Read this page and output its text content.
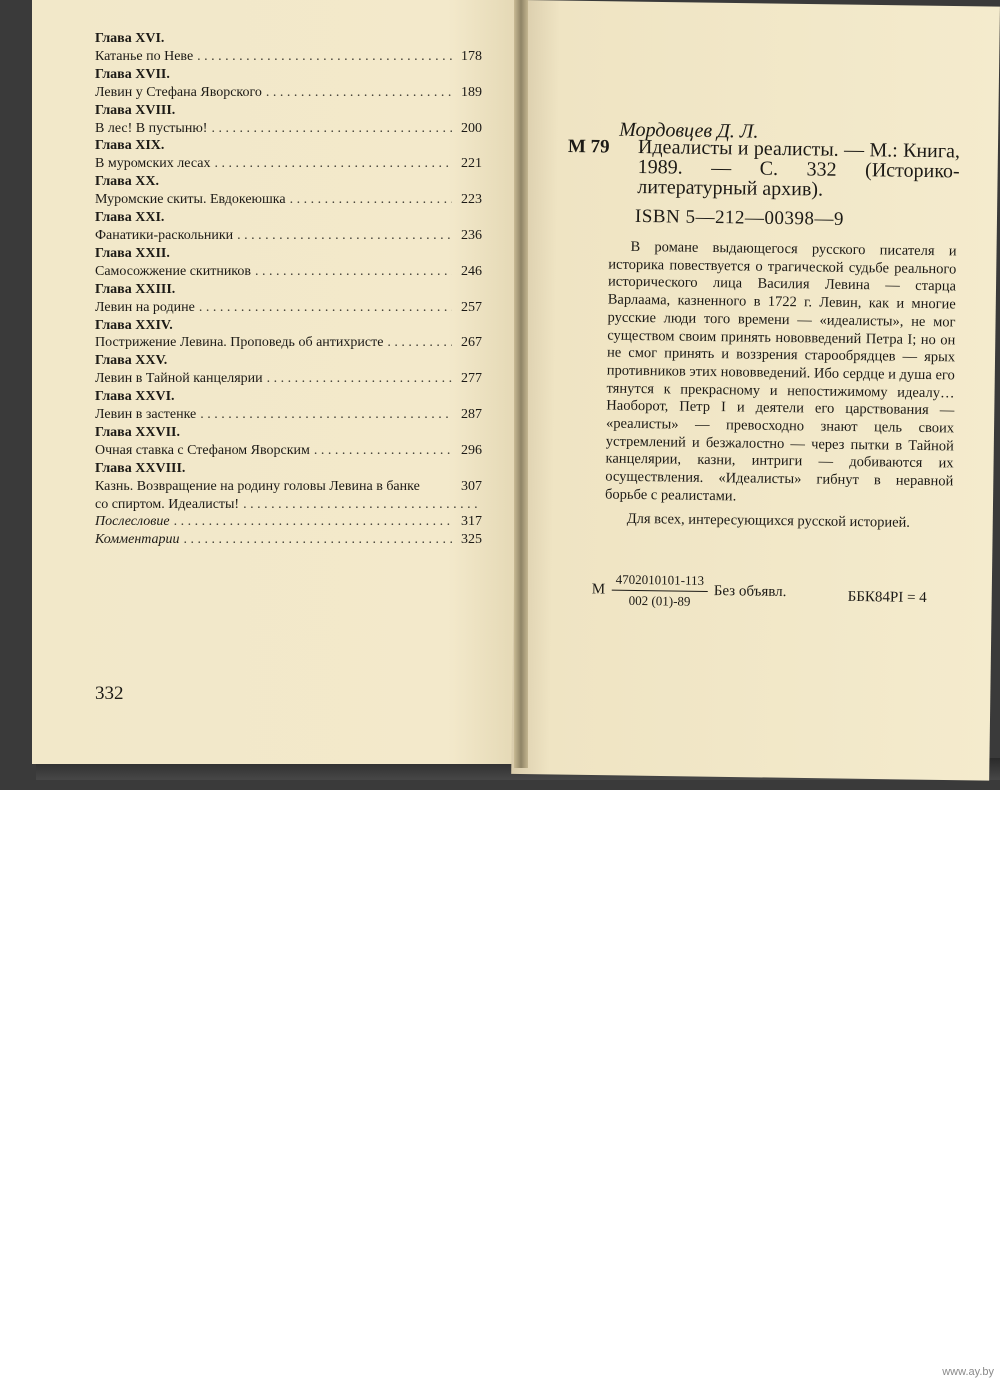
Глава XVI.
Катанье по Неве . . .	178
Глава XVII.
Левин у Стефана Яворского . . .	189
Глава XVIII.
В лес! В пустыню! . . .	200
Глава XIX.
В муромских лесах . . .	221
Глава XX.
Муромские скиты. Евдокеюшка . . .	223
Глава XXI.
Фанатики-раскольники . . .	236
Глава XXII.
Самосожжение скитников . . .	246
Глава XXIII.
Левин на родине . . .	257
Глава XXIV.
Пострижение Левина. Проповедь об антихристе . . .	267
Глава XXV.
Левин в Тайной канцелярии . . .	277
Глава XXVI.
Левин в застенке . . .	287
Глава XXVII.
Очная ставка с Стефаном Яворским . . .	296
Глава XXVIII.
Казнь. Возвращение на родину головы Левина в банке	307
со спиртом. Идеалисты!
. . .
Послесловие . . .	317
Комментарии . . .	325
332
Мордовцев Д. Л.
М 79 Идеалисты и реалисты. — М.: Книга, 1989. — С. 332 (Историко-литературный архив).
ISBN 5—212—00398—9
В романе выдающегося русского писателя и историка повествуется о трагической судьбе реального исторического лица Василия Левина — старца Варлаама, казненного в 1722 г. Левин, как и многие русские люди того времени — «идеалисты», не мог существом своим принять нововведений Петра I; но он не смог принять и воззрения старообрядцев — ярых противников этих нововведений. Ибо сердце и душа его тянутся к прекрасному и непостижимому идеалу… Наоборот, Петр I и деятели его царствования — «реалисты» — превосходно знают цель своих устремлений и безжалостно — через пытки в Тайной канцелярии, казни, интриги — добиваются их осуществления. «Идеалисты» гибнут в неравной борьбе с реалистами.
Для всех, интересующихся русской историей.
М $\frac{4702010101-113}{002 (01)-89}$ Без объявл.	ББК84РІ = 4
www.ay.by
